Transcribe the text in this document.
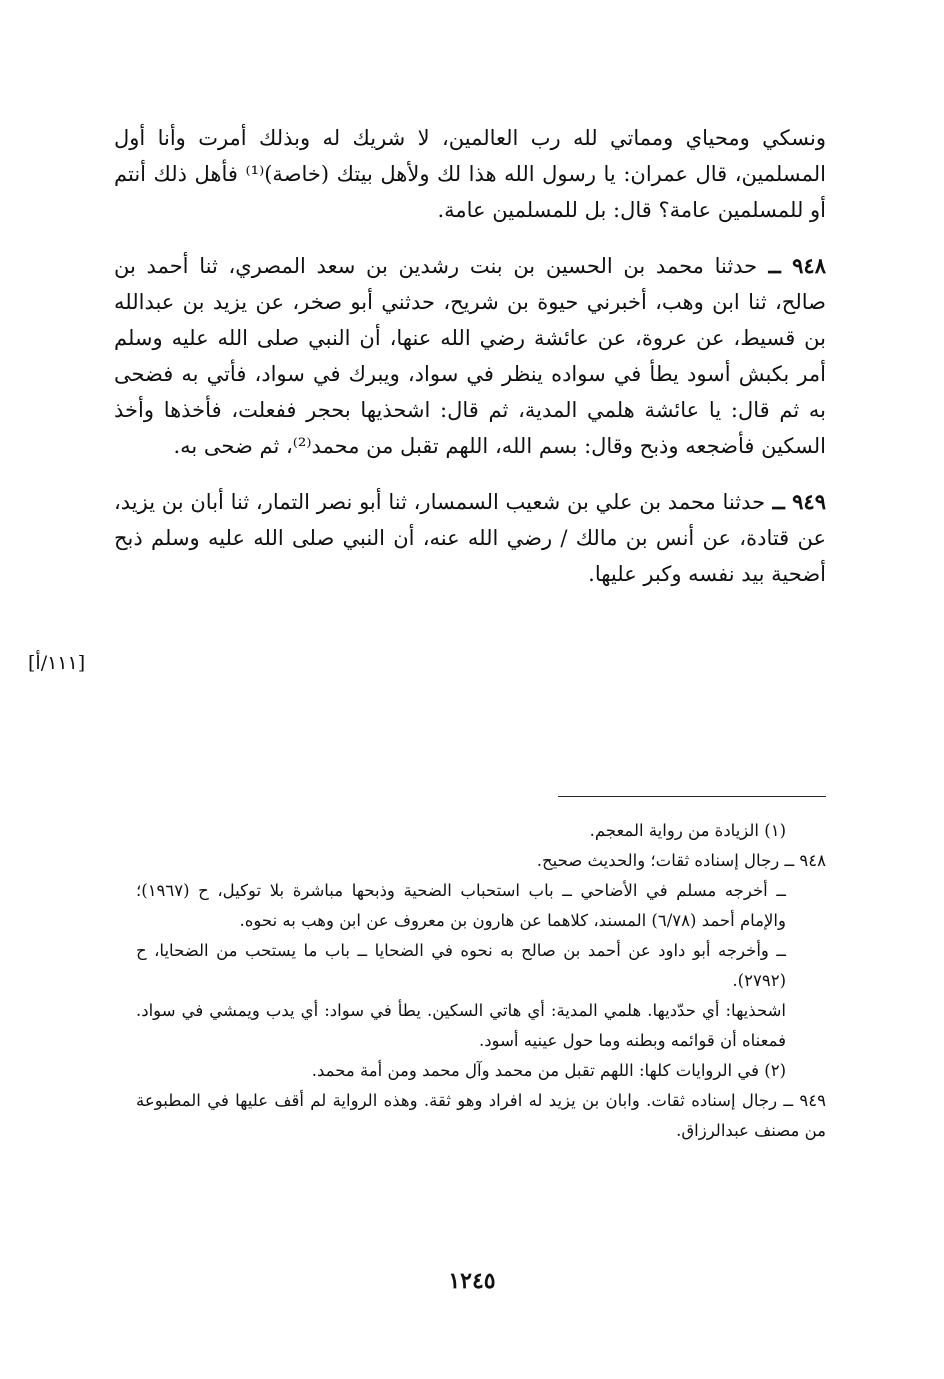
ونسكي ومحياي ومماتي لله رب العالمين، لا شريك له وبذلك أمرت وأنا أول المسلمين، قال عمران: يا رسول الله هذا لك ولأهل بيتك (خاصة)⁽¹⁾ فأهل ذلك أنتم أو للمسلمين عامة؟ قال: بل للمسلمين عامة.

٩٤٨ ــ حدثنا محمد بن الحسين بن بنت رشدين بن سعد المصري، ثنا أحمد بن صالح، ثنا ابن وهب، أخبرني حيوة بن شريح، حدثني أبو صخر، عن يزيد بن عبدالله بن قسيط، عن عروة، عن عائشة رضي الله عنها، أن النبي صلى الله عليه وسلم أمر بكبش أسود يطأ في سواده ينظر في سواد، ويبرك في سواد، فأتي به فضحى به ثم قال: يا عائشة هلمي المدية، ثم قال: اشحذيها بحجر ففعلت، فأخذها وأخذ السكين فأضجعه وذبح وقال: بسم الله، اللهم تقبل من محمد⁽²⁾، ثم ضحى به.

٩٤٩ ــ حدثنا محمد بن علي بن شعيب السمسار، ثنا أبو نصر التمار، ثنا أبان بن يزيد، عن قتادة، عن أنس بن مالك / رضي الله عنه، أن النبي صلى الله عليه وسلم ذبح أضحية بيد نفسه وكبر عليها.

[١١١/أ]

(١) الزيادة من رواية المعجم.

٩٤٨ ــ رجال إسناده ثقات؛ والحديث صحيح.

ــ أخرجه مسلم في الأضاحي ــ باب استحباب الضحية وذبحها مباشرة بلا توكيل، ح (١٩٦٧)؛ والإمام أحمد (٦/٧٨) المسند، كلاهما عن هارون بن معروف عن ابن وهب به نحوه.

ــ وأخرجه أبو داود عن أحمد بن صالح به نحوه في الضحايا ــ باب ما يستحب من الضحايا، ح (٢٧٩٢).

اشحذيها: أي حدّديها. هلمي المدية: أي هاتي السكين. يطأ في سواد: أي يدب ويمشي في سواد. فمعناه أن قوائمه وبطنه وما حول عينيه أسود.

(٢) في الروايات كلها: اللهم تقبل من محمد وآل محمد ومن أمة محمد.

٩٤٩ ــ رجال إسناده ثقات. وابان بن يزيد له افراد وهو ثقة. وهذه الرواية لم أقف عليها في المطبوعة من مصنف عبدالرزاق.

١٢٤٥
